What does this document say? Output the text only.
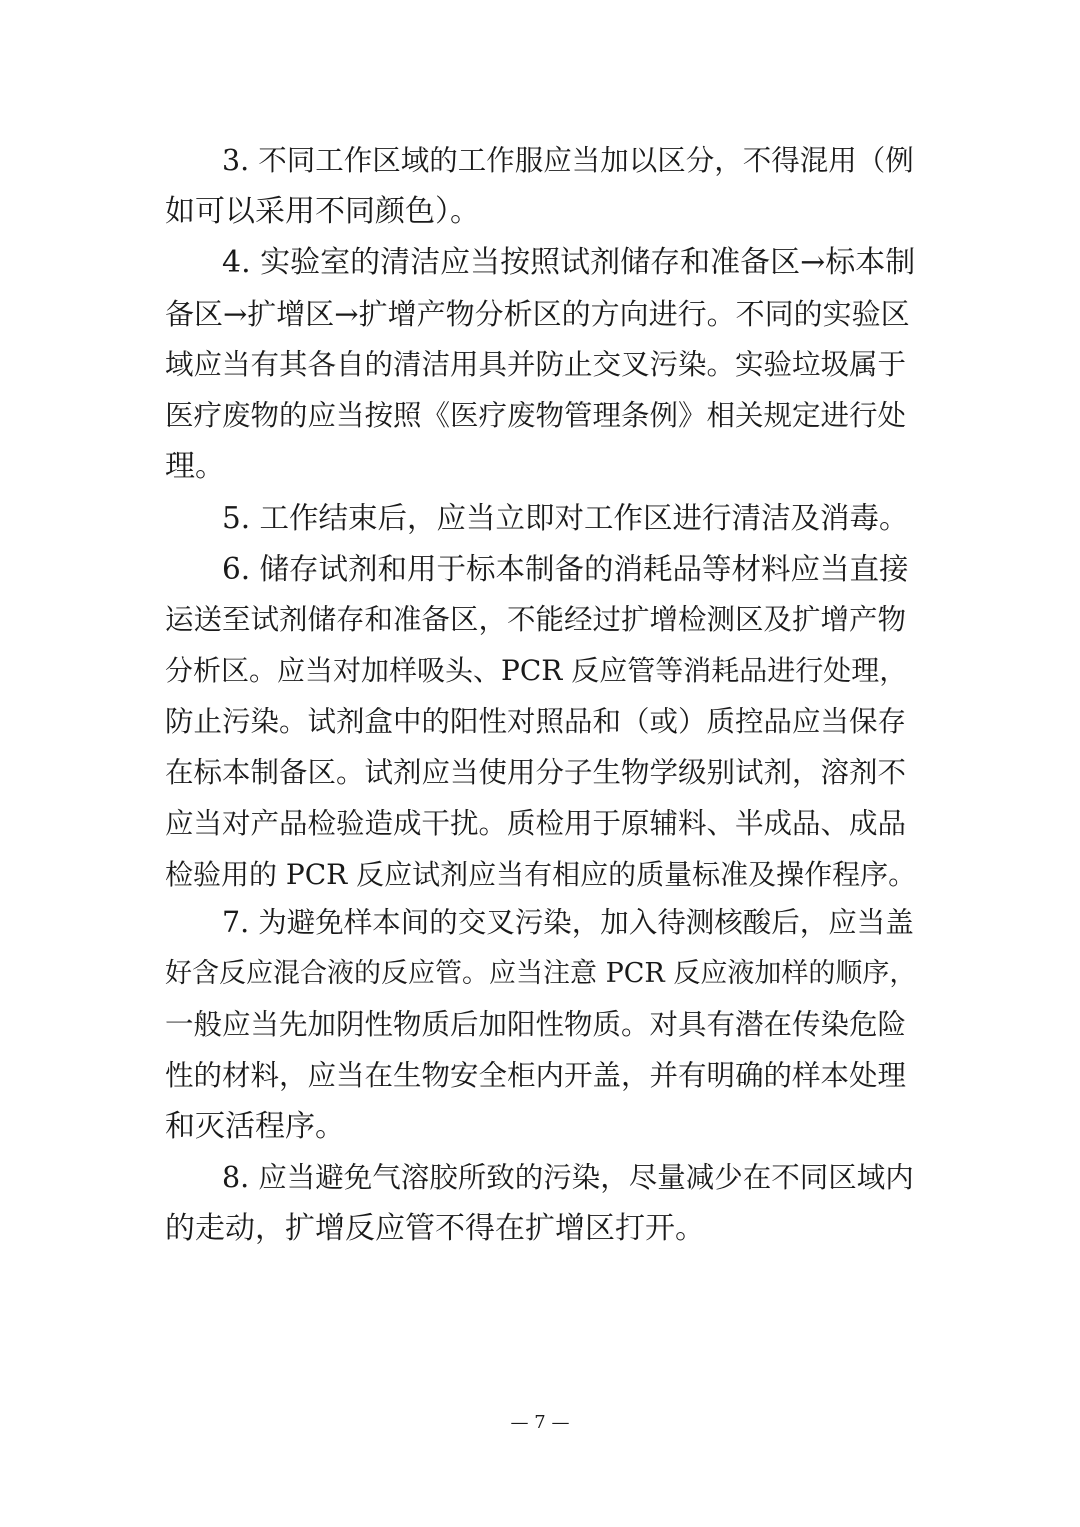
3. 不同工作区域的工作服应当加以区分，不得混用（例
如可以采用不同颜色）。
4. 实验室的清洁应当按照试剂储存和准备区→标本制
备区→扩增区→扩增产物分析区的方向进行。不同的实验区
域应当有其各自的清洁用具并防止交叉污染。实验垃圾属于
医疗废物的应当按照《医疗废物管理条例》相关规定进行处
理。
5. 工作结束后，应当立即对工作区进行清洁及消毒。
6. 储存试剂和用于标本制备的消耗品等材料应当直接
运送至试剂储存和准备区，不能经过扩增检测区及扩增产物
分析区。应当对加样吸头、PCR 反应管等消耗品进行处理，
防止污染。试剂盒中的阳性对照品和（或）质控品应当保存
在标本制备区。试剂应当使用分子生物学级别试剂，溶剂不
应当对产品检验造成干扰。质检用于原辅料、半成品、成品
检验用的 PCR 反应试剂应当有相应的质量标准及操作程序。
7. 为避免样本间的交叉污染，加入待测核酸后，应当盖
好含反应混合液的反应管。应当注意 PCR 反应液加样的顺序，
一般应当先加阴性物质后加阳性物质。对具有潜在传染危险
性的材料，应当在生物安全柜内开盖，并有明确的样本处理
和灭活程序。
8. 应当避免气溶胶所致的污染，尽量减少在不同区域内
的走动，扩增反应管不得在扩增区打开。
— 7 —
